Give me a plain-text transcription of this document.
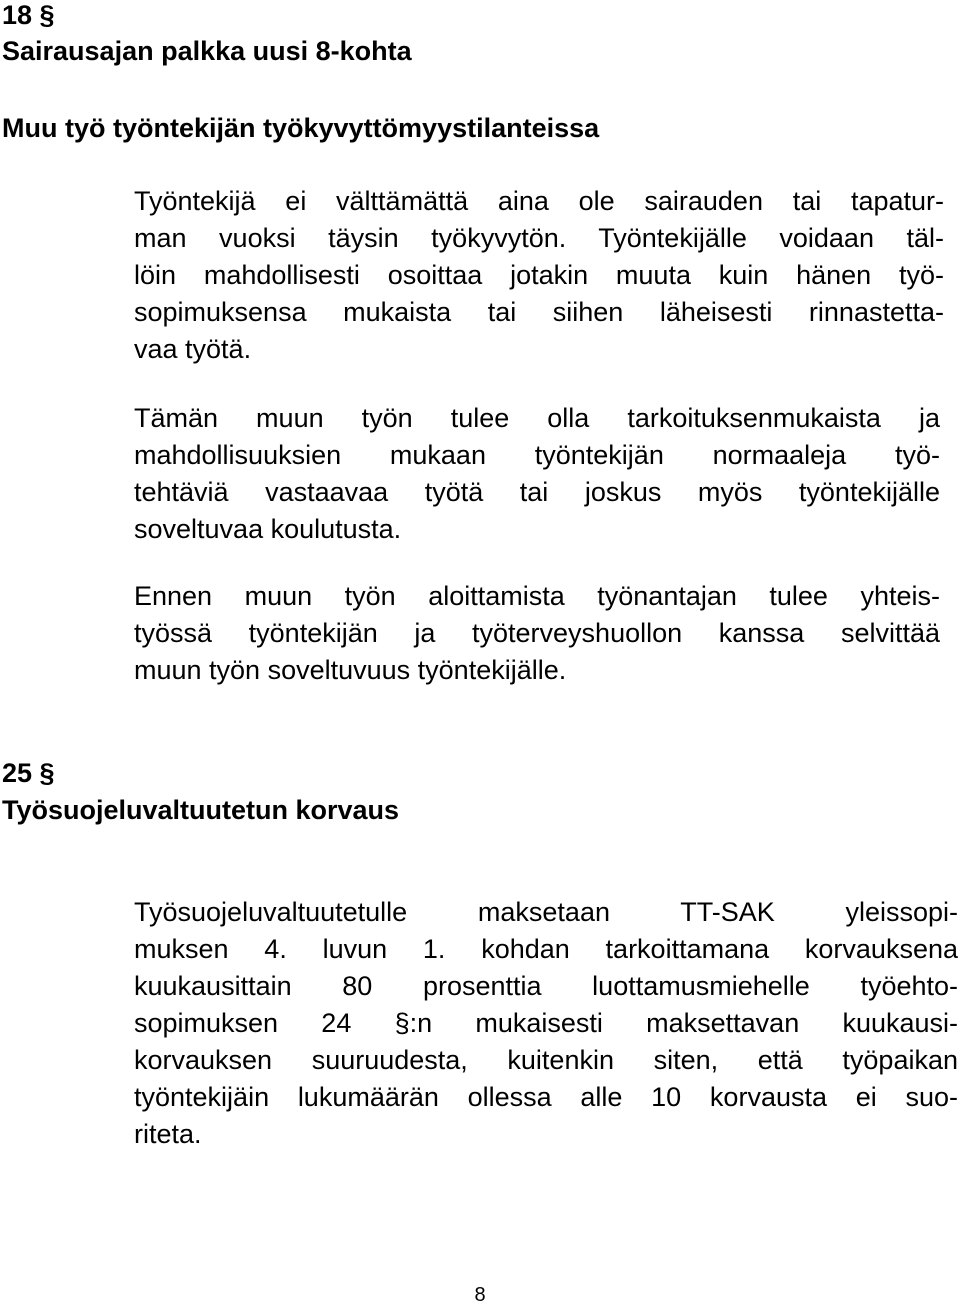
18 §
Sairausajan palkka uusi 8-kohta
Muu työ työntekijän työkyvyttömyystilanteissa

Työntekijä ei välttämättä aina ole sairauden tai tapatur-
man vuoksi täysin työkyvytön. Työntekijälle voidaan täl-
löin mahdollisesti osoittaa jotakin muuta kuin hänen työ-
sopimuksensa mukaista tai siihen läheisesti rinnastetta-
vaa työtä.

Tämän muun työn tulee olla tarkoituksenmukaista ja
mahdollisuuksien mukaan työntekijän normaaleja työ-
tehtäviä vastaavaa työtä tai joskus myös työntekijälle
soveltuvaa koulutusta.

Ennen muun työn aloittamista työnantajan tulee yhteis-
työssä työntekijän ja työterveyshuollon kanssa selvittää
muun työn soveltuvuus työntekijälle.

25 §
Työsuojeluvaltuutetun korvaus

Työsuojeluvaltuutetulle maksetaan TT-SAK yleissopi-
muksen 4. luvun 1. kohdan tarkoittamana korvauksena
kuukausittain 80 prosenttia luottamusmiehelle työehto-
sopimuksen 24 §:n mukaisesti maksettavan kuukausi-
korvauksen suuruudesta, kuitenkin siten, että työpaikan
työntekijäin lukumäärän ollessa alle 10 korvausta ei suo-
riteta.

8
